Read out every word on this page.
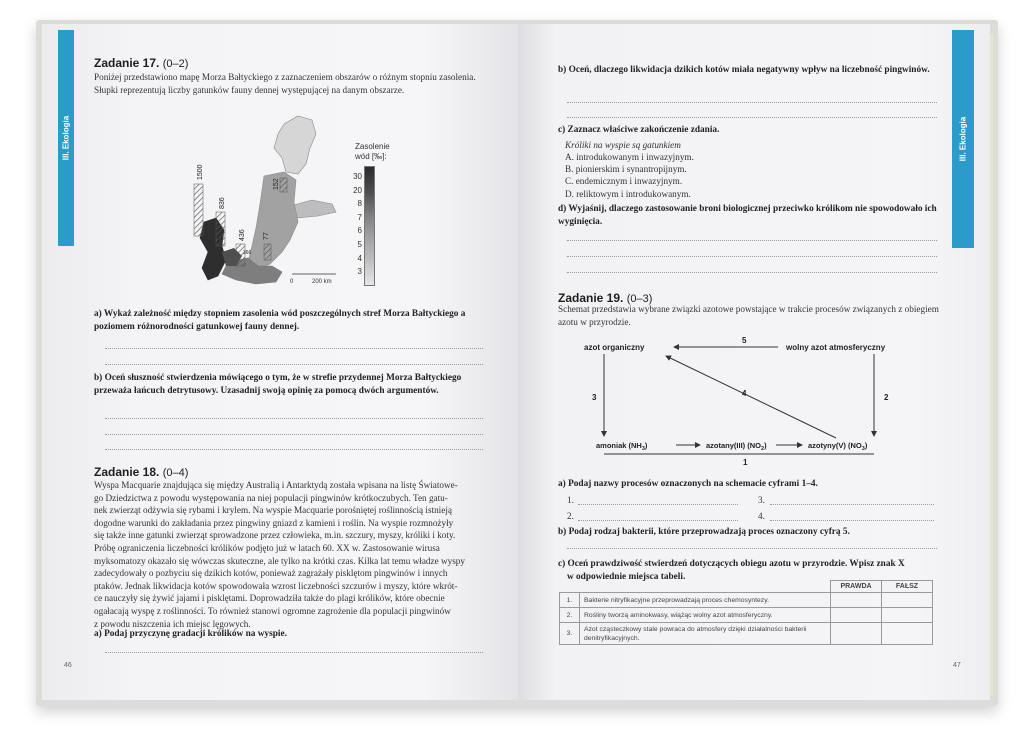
III. Ekologia
Zadanie 17. (0–2)
Poniżej przedstawiono mapę Morza Bałtyckiego z zaznaczeniem obszarów o różnym stopniu zasolenia. Słupki reprezentują liczby gatunków fauny dennej występującej na danym obszarze.
1500
836
436
152
77
366
0	200 km
Zasolenie wód [‰]:
30
20
8
7
6
5
4
3
a) Wykaż zależność między stopniem zasolenia wód poszczególnych stref Morza Bałtyckiego a poziomem różnorodności gatunkowej fauny dennej.
b) Oceń słuszność stwierdzenia mówiącego o tym, że w strefie przydennej Morza Bałtyckiego przeważa łańcuch detrytusowy. Uzasadnij swoją opinię za pomocą dwóch argumentów.
Zadanie 18. (0–4)
Wyspa Macquarie znajdująca się między Australią i Antarktydą została wpisana na listę Światowe-
go Dziedzictwa z powodu występowania na niej populacji pingwinów krótkoczubych. Ten gatu-
nek zwierząt odżywia się rybami i krylem. Na wyspie Macquarie porośniętej roślinnością istnieją
dogodne warunki do zakładania przez pingwiny gniazd z kamieni i roślin. Na wyspie rozmnożyły
się także inne gatunki zwierząt sprowadzone przez człowieka, m.in. szczury, myszy, króliki i koty.
Próbę ograniczenia liczebności królików podjęto już w latach 60. XX w. Zastosowanie wirusa
myksomatozy okazało się wówczas skuteczne, ale tylko na krótki czas. Kilka lat temu władze wyspy
zadecydowały o pozbyciu się dzikich kotów, ponieważ zagrażały pisklętom pingwinów i innych
ptaków. Jednak likwidacja kotów spowodowała wzrost liczebności szczurów i myszy, które wkrót-
ce nauczyły się żywić jajami i pisklętami. Doprowadziła także do plagi królików, które obecnie
ogałacają wyspę z roślinności. To również stanowi ogromne zagrożenie dla populacji pingwinów
z powodu niszczenia ich miejsc lęgowych.
a) Podaj przyczynę gradacji królików na wyspie.
46
III. Ekologia
b) Oceń, dlaczego likwidacja dzikich kotów miała negatywny wpływ na liczebność pingwinów.
c) Zaznacz właściwe zakończenie zdania.
Króliki na wyspie są gatunkiem
A. introdukowanym i inwazyjnym.
B. pionierskim i synantropijnym.
C. endemicznym i inwazyjnym.
D. reliktowym i introdukowanym.
d) Wyjaśnij, dlaczego zastosowanie broni biologicznej przeciwko królikom nie spowodowało ich wyginięcia.
Zadanie 19. (0–3)
Schemat przedstawia wybrane związki azotowe powstające w trakcie procesów związanych z obiegiem azotu w przyrodzie.
azot organiczny	wolny azot atmosferyczny
amoniak $(NH_3)$	azotany(III) $(NO_2)$	azotyny(V) $(NO_3)$
5
3	4	2
1
a) Podaj nazwy procesów oznaczonych na schemacie cyframi 1–4.
1.	3.
2.	4.
b) Podaj rodzaj bakterii, które przeprowadzają proces oznaczony cyfrą 5.
c) Oceń prawdziwość stwierdzeń dotyczących obiegu azotu w przyrodzie. Wpisz znak X
w odpowiednie miejsca tabeli.
		PRAWDA	FAŁSZ
1.	Bakterie nitryfikacyjne przeprowadzają proces chemosyntezy.		
2.	Rośliny tworzą aminokwasy, wiążąc wolny azot atmosferyczny.		
3.	Azot cząsteczkowy stale powraca do atmosfery dzięki działalności bakterii denitryfikacyjnych.		
47
